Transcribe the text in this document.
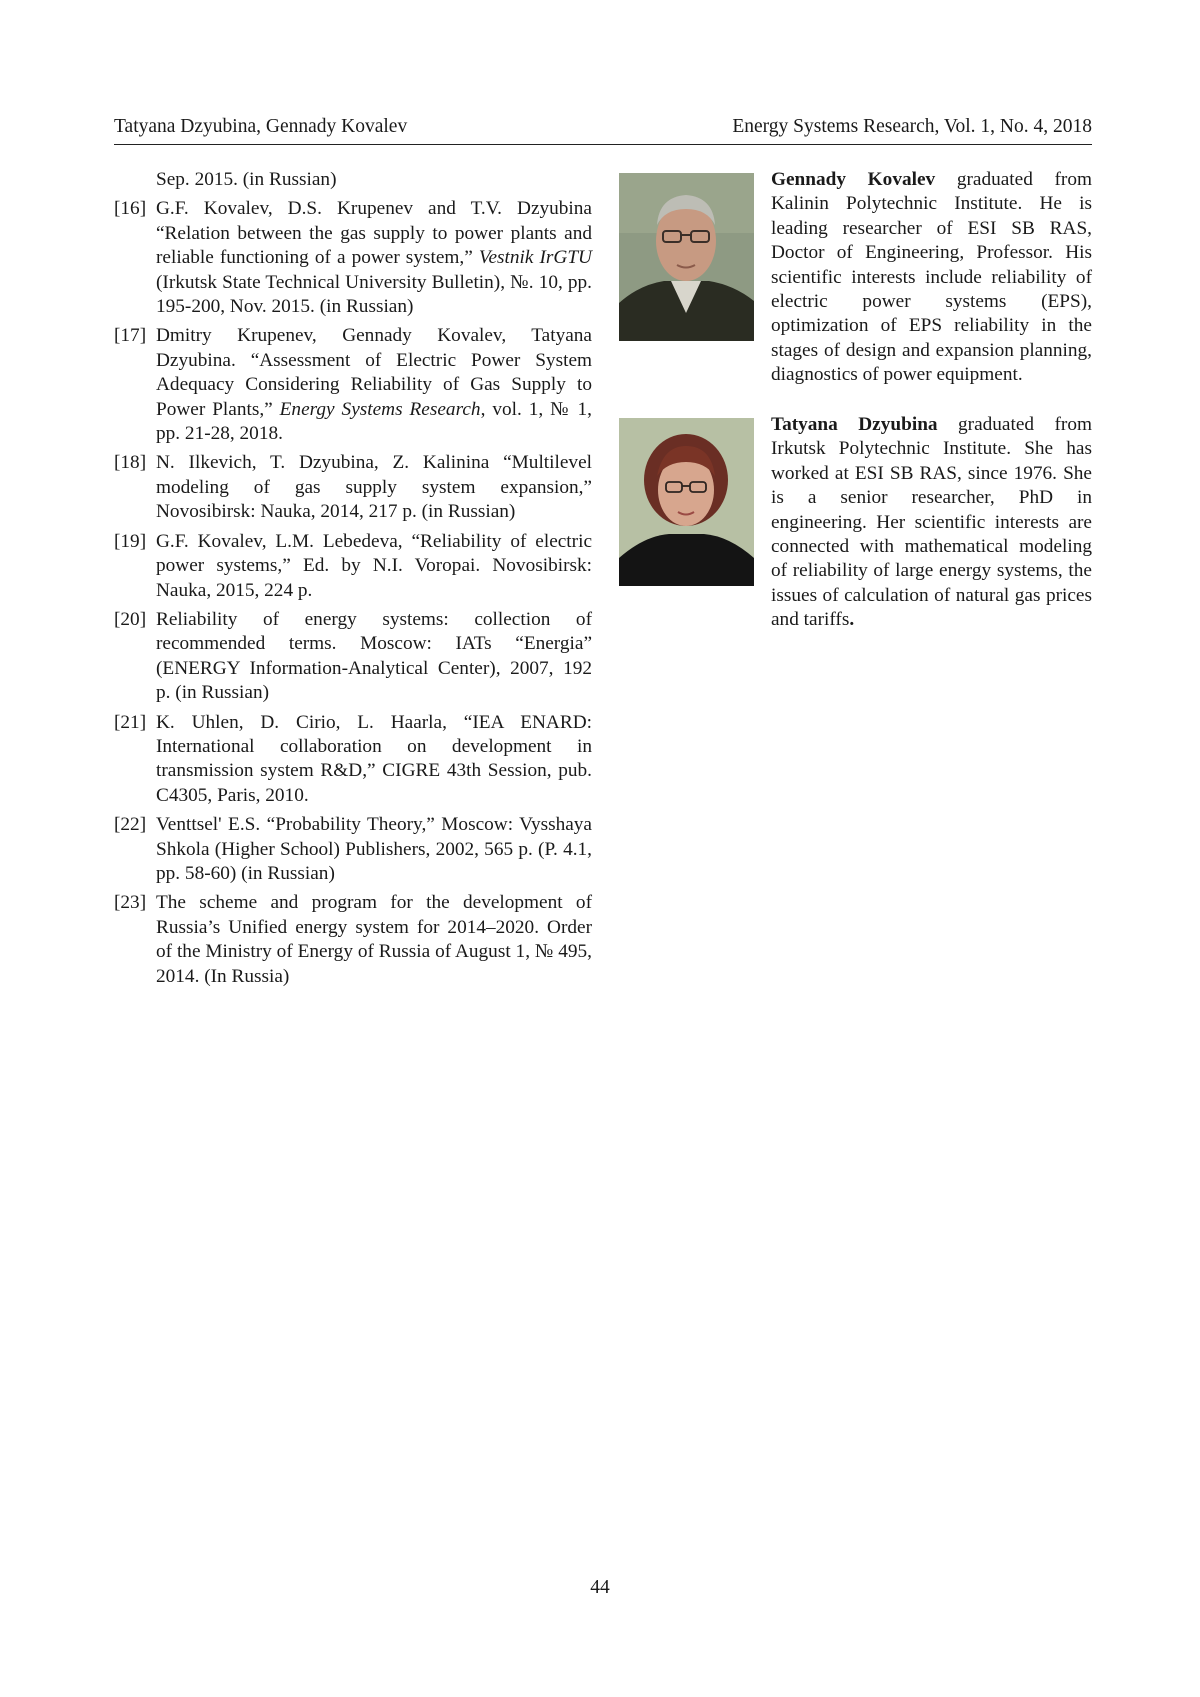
Tatyana Dzyubina, Gennady Kovalev	Energy Systems Research, Vol. 1, No. 4, 2018

Sep. 2015. (in Russian)

[16] G.F. Kovalev, D.S. Krupenev and T.V. Dzyubina “Relation between the gas supply to power plants and reliable functioning of a power system,” Vestnik IrGTU (Irkutsk State Technical University Bulletin), №. 10, pp. 195-200, Nov. 2015. (in Russian)

[17] Dmitry Krupenev, Gennady Kovalev, Tatyana Dzyubina. “Assessment of Electric Power System Adequacy Considering Reliability of Gas Supply to Power Plants,” Energy Systems Research, vol. 1, № 1, pp. 21-28, 2018.

[18] N. Ilkevich, T. Dzyubina, Z. Kalinina “Multilevel modeling of gas supply system expansion,” Novosibirsk: Nauka, 2014, 217 p. (in Russian)

[19] G.F. Kovalev, L.M. Lebedeva, “Reliability of electric power systems,” Ed. by N.I. Voropai. Novosibirsk: Nauka, 2015, 224 p.

[20] Reliability of energy systems: collection of recommended terms. Moscow: IATs “Energia” (ENERGY Information-Analytical Center), 2007, 192 p. (in Russian)

[21] K. Uhlen, D. Cirio, L. Haarla, “IEA ENARD: International collaboration on development in transmission system R&D,” CIGRE 43th Session, pub. C4305, Paris, 2010.

[22] Venttsel' E.S. “Probability Theory,” Moscow: Vysshaya Shkola (Higher School) Publishers, 2002, 565 p. (P. 4.1, pp. 58-60) (in Russian)

[23] The scheme and program for the development of Russia’s Unified energy system for 2014–2020. Order of the Ministry of Energy of Russia of August 1, № 495, 2014. (In Russia)

Gennady Kovalev graduated from Kalinin Polytechnic Institute. He is leading researcher of ESI SB RAS, Doctor of Engineering, Professor. His scientific interests include reliability of electric power systems (EPS), optimization of EPS reliability in the stages of design and expansion planning, diagnostics of power equipment.
Tatyana Dzyubina graduated from Irkutsk Polytechnic Institute. She has worked at ESI SB RAS, since 1976. She is a senior researcher, PhD in engineering. Her scientific interests are connected with mathematical modeling of reliability of large energy systems, the issues of calculation of natural gas prices and tariffs.
44
